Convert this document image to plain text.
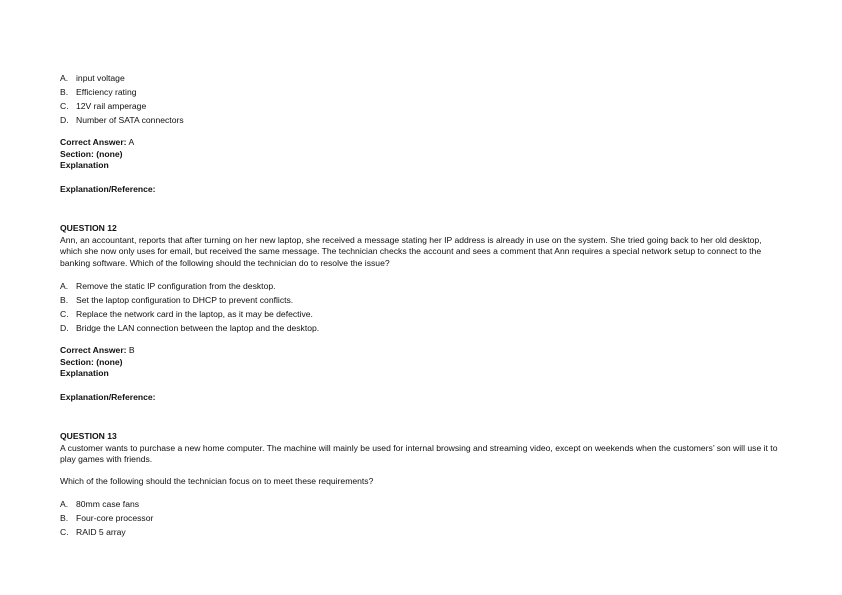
A. input voltage
B. Efficiency rating
C. 12V rail amperage
D. Number of SATA connectors
Correct Answer: A
Section: (none)
Explanation
Explanation/Reference:
QUESTION 12

Ann, an accountant, reports that after turning on her new laptop, she received a message stating her IP address is already in use on the system. She tried going back to her old desktop, which she now only uses for email, but received the same message. The technician checks the account and sees a comment that Ann requires a special network setup to connect to the banking software. Which of the following should the technician do to resolve the issue?

A. Remove the static IP configuration from the desktop.
B. Set the laptop configuration to DHCP to prevent conflicts.
C. Replace the network card in the laptop, as it may be defective.
D. Bridge the LAN connection between the laptop and the desktop.
Correct Answer: B
Section: (none)
Explanation
Explanation/Reference:
QUESTION 13

A customer wants to purchase a new home computer. The machine will mainly be used for internal browsing and streaming video, except on weekends when the customers’ son will use it to play games with friends.

Which of the following should the technician focus on to meet these requirements?

A. 80mm case fans
B. Four-core processor
C. RAID 5 array
